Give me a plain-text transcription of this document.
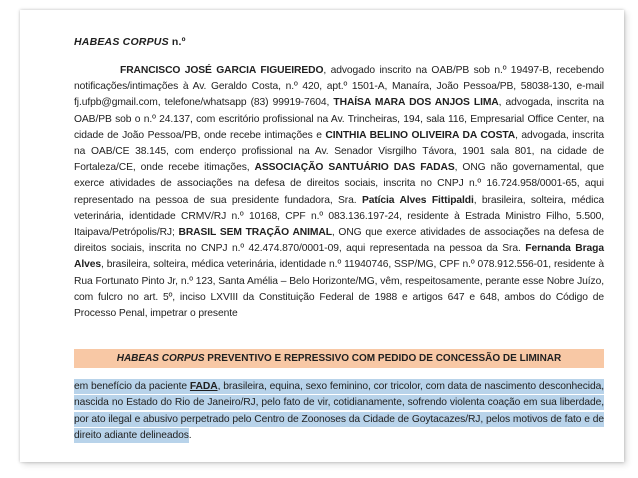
HABEAS CORPUS n.º

FRANCISCO JOSÉ GARCIA FIGUEIREDO, advogado inscrito na OAB/PB sob n.º 19497-B, recebendo notificações/intimações à Av. Geraldo Costa, n.º 420, apt.º 1501-A, Manaíra, João Pessoa/PB, 58038-130, e-mail fj.ufpb@gmail.com, telefone/whatsapp (83) 99919-7604, THAÍSA MARA DOS ANJOS LIMA, advogada, inscrita na OAB/PB sob o n.º 24.137, com escritório profissional na Av. Trincheiras, 194, sala 116, Empresarial Office Center, na cidade de João Pessoa/PB, onde recebe intimações e CINTHIA BELINO OLIVEIRA DA COSTA, advogada, inscrita na OAB/CE 38.145, com enderço profissional na Av. Senador Visrgilho Távora, 1901 sala 801, na cidade de Fortaleza/CE, onde recebe itimações, ASSOCIAÇÃO SANTUÁRIO DAS FADAS, ONG não governamental, que exerce atividades de associações na defesa de direitos sociais, inscrita no CNPJ n.º 16.724.958/0001-65, aqui representado na pessoa de sua presidente fundadora, Sra. Patícia Alves Fittipaldi, brasileira, solteira, médica veterinária, identidade CRMV/RJ n.º 10168, CPF n.º 083.136.197-24, residente à Estrada Ministro Filho, 5.500, Itaipava/Petrópolis/RJ; BRASIL SEM TRAÇÃO ANIMAL, ONG que exerce atividades de associações na defesa de direitos sociais, inscrita no CNPJ n.º 42.474.870/0001-09, aqui representada na pessoa da Sra. Fernanda Braga Alves, brasileira, solteira, médica veterinária, identidade n.º 11940746, SSP/MG, CPF n.º 078.912.556-01, residente à Rua Fortunato Pinto Jr, n.º 123, Santa Amélia – Belo Horizonte/MG, vêm, respeitosamente, perante esse Nobre Juízo, com fulcro no art. 5º, inciso LXVIII da Constituição Federal de 1988 e artigos 647 e 648, ambos do Código de Processo Penal, impetrar o presente

HABEAS CORPUS PREVENTIVO E REPRESSIVO COM PEDIDO DE CONCESSÃO DE LIMINAR

em benefício da paciente FADA, brasileira, equina, sexo feminino, cor tricolor, com data de nascimento desconhecida, nascida no Estado do Rio de Janeiro/RJ, pelo fato de vir, cotidianamente, sofrendo violenta coação em sua liberdade, por ato ilegal e abusivo perpetrado pelo Centro de Zoonoses da Cidade de Goytacazes/RJ, pelos motivos de fato e de direito adiante delineados.
